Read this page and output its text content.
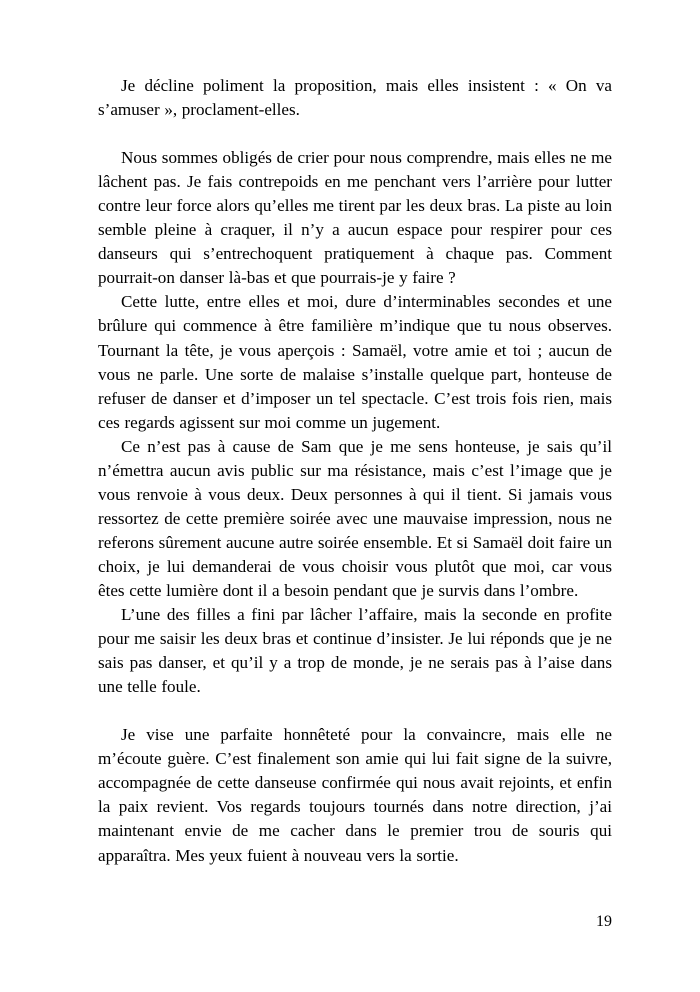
Je décline poliment la proposition, mais elles insistent : « On va s’amuser », proclament-elles.

Nous sommes obligés de crier pour nous comprendre, mais elles ne me lâchent pas. Je fais contrepoids en me penchant vers l’arrière pour lutter contre leur force alors qu’elles me tirent par les deux bras. La piste au loin semble pleine à craquer, il n’y a aucun espace pour respirer pour ces danseurs qui s’entrechoquent pratiquement à chaque pas. Comment pourrait-on danser là-bas et que pourrais-je y faire ?

Cette lutte, entre elles et moi, dure d’interminables secondes et une brûlure qui commence à être familière m’indique que tu nous observes. Tournant la tête, je vous aperçois : Samaël, votre amie et toi ; aucun de vous ne parle. Une sorte de malaise s’installe quelque part, honteuse de refuser de danser et d’imposer un tel spectacle. C’est trois fois rien, mais ces regards agissent sur moi comme un jugement.

Ce n’est pas à cause de Sam que je me sens honteuse, je sais qu’il n’émettra aucun avis public sur ma résistance, mais c’est l’image que je vous renvoie à vous deux. Deux personnes à qui il tient. Si jamais vous ressortez de cette première soirée avec une mauvaise impression, nous ne referons sûrement aucune autre soirée ensemble. Et si Samaël doit faire un choix, je lui demanderai de vous choisir vous plutôt que moi, car vous êtes cette lumière dont il a besoin pendant que je survis dans l’ombre.

L’une des filles a fini par lâcher l’affaire, mais la seconde en profite pour me saisir les deux bras et continue d’insister. Je lui réponds que je ne sais pas danser, et qu’il y a trop de monde, je ne serais pas à l’aise dans une telle foule.

Je vise une parfaite honnêteté pour la convaincre, mais elle ne m’écoute guère. C’est finalement son amie qui lui fait signe de la suivre, accompagnée de cette danseuse confirmée qui nous avait rejoints, et enfin la paix revient. Vos regards toujours tournés dans notre direction, j’ai maintenant envie de me cacher dans le premier trou de souris qui apparaîtra. Mes yeux fuient à nouveau vers la sortie.

19
